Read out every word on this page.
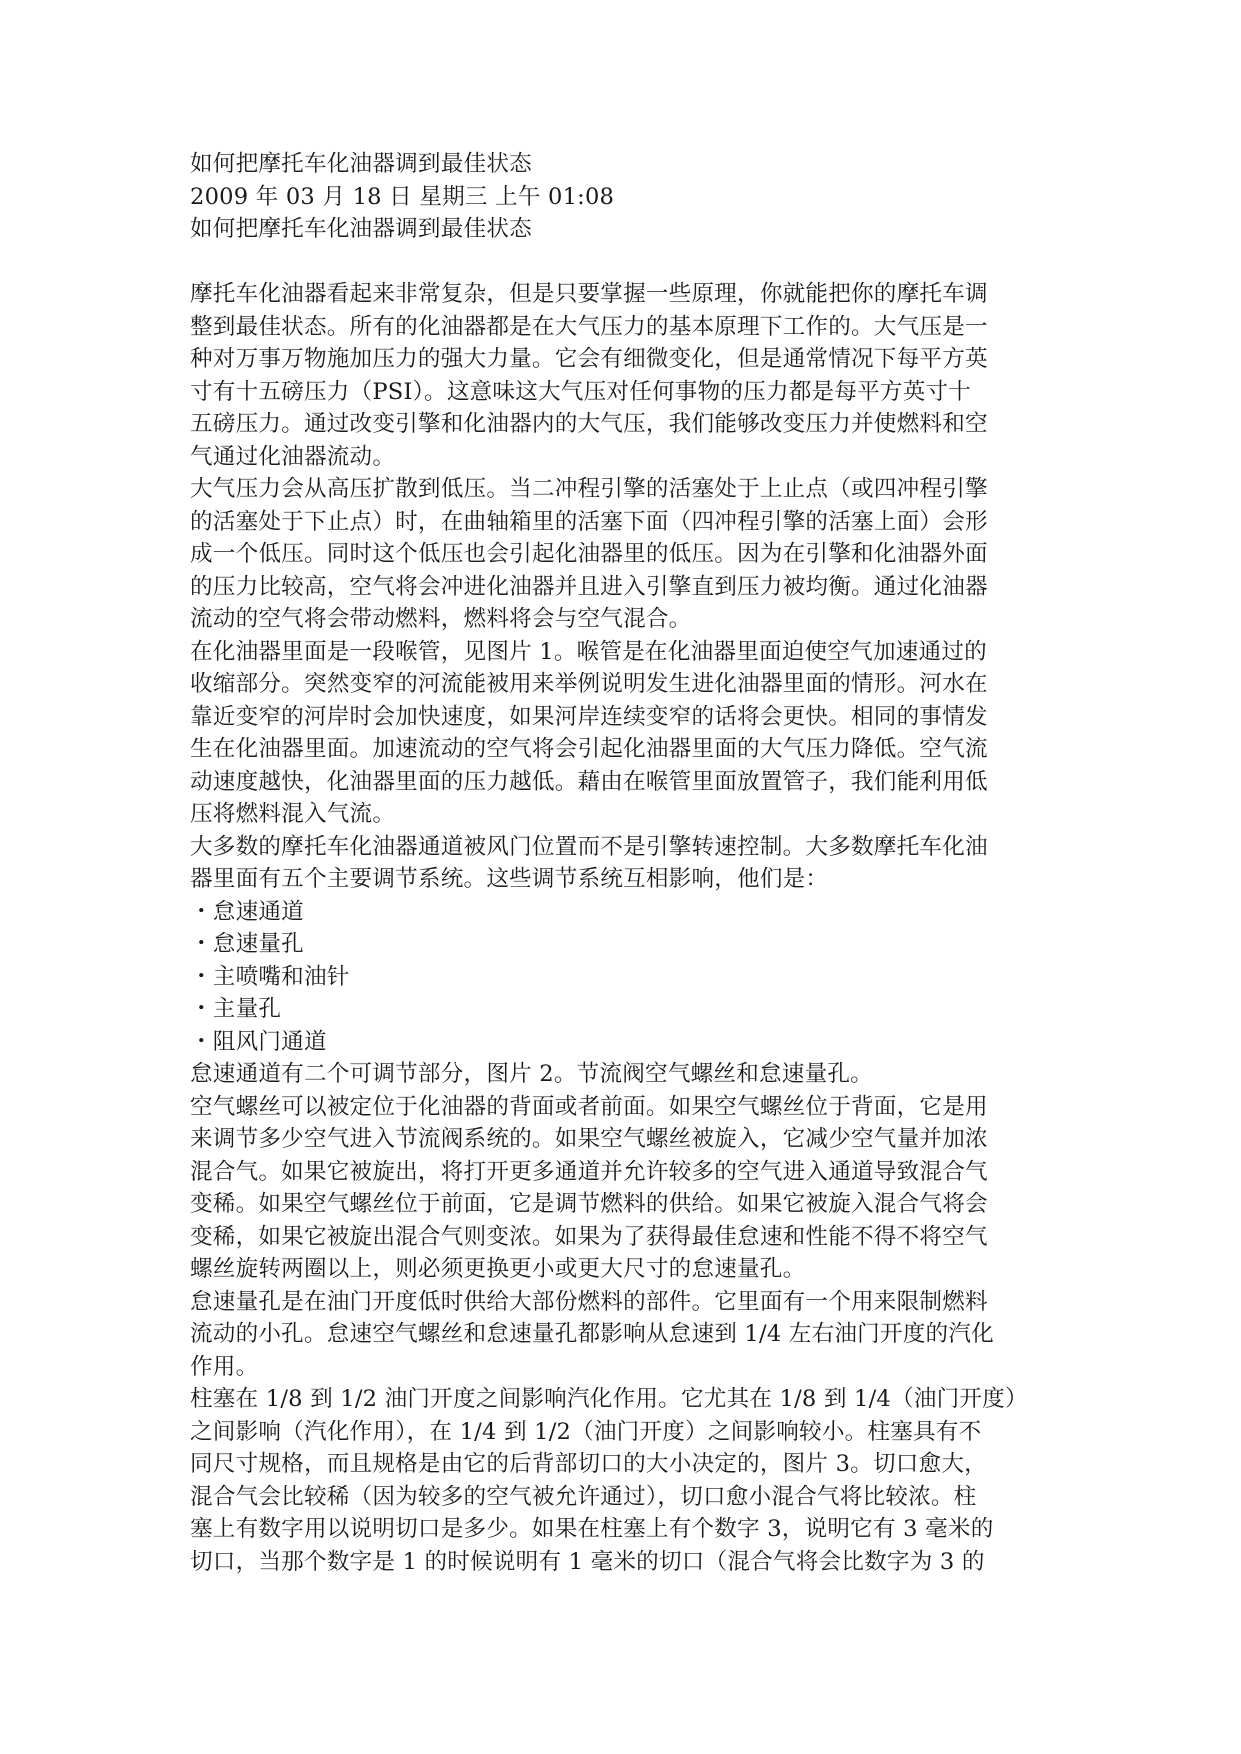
如何把摩托车化油器调到最佳状态
2009 年 03 月 18 日 星期三 上午 01:08
如何把摩托车化油器调到最佳状态

摩托车化油器看起来非常复杂，但是只要掌握一些原理，你就能把你的摩托车调
整到最佳状态。所有的化油器都是在大气压力的基本原理下工作的。大气压是一
种对万事万物施加压力的强大力量。它会有细微变化，但是通常情况下每平方英
寸有十五磅压力（PSI）。这意味这大气压对任何事物的压力都是每平方英寸十
五磅压力。通过改变引擎和化油器内的大气压，我们能够改变压力并使燃料和空
气通过化油器流动。

大气压力会从高压扩散到低压。当二冲程引擎的活塞处于上止点（或四冲程引擎
的活塞处于下止点）时，在曲轴箱里的活塞下面（四冲程引擎的活塞上面）会形
成一个低压。同时这个低压也会引起化油器里的低压。因为在引擎和化油器外面
的压力比较高，空气将会冲进化油器并且进入引擎直到压力被均衡。通过化油器
流动的空气将会带动燃料，燃料将会与空气混合。

在化油器里面是一段喉管，见图片 1。喉管是在化油器里面迫使空气加速通过的
收缩部分。突然变窄的河流能被用来举例说明发生进化油器里面的情形。河水在
靠近变窄的河岸时会加快速度，如果河岸连续变窄的话将会更快。相同的事情发
生在化油器里面。加速流动的空气将会引起化油器里面的大气压力降低。空气流
动速度越快，化油器里面的压力越低。藉由在喉管里面放置管子，我们能利用低
压将燃料混入气流。

大多数的摩托车化油器通道被风门位置而不是引擎转速控制。大多数摩托车化油
器里面有五个主要调节系统。这些调节系统互相影响，他们是：

・怠速通道
・怠速量孔
・主喷嘴和油针
・主量孔
・阻风门通道

怠速通道有二个可调节部分，图片 2。节流阀空气螺丝和怠速量孔。

空气螺丝可以被定位于化油器的背面或者前面。如果空气螺丝位于背面，它是用
来调节多少空气进入节流阀系统的。如果空气螺丝被旋入，它减少空气量并加浓
混合气。如果它被旋出，将打开更多通道并允许较多的空气进入通道导致混合气
变稀。如果空气螺丝位于前面，它是调节燃料的供给。如果它被旋入混合气将会
变稀，如果它被旋出混合气则变浓。如果为了获得最佳怠速和性能不得不将空气
螺丝旋转两圈以上，则必须更换更小或更大尺寸的怠速量孔。

怠速量孔是在油门开度低时供给大部份燃料的部件。它里面有一个用来限制燃料
流动的小孔。怠速空气螺丝和怠速量孔都影响从怠速到 1/4 左右油门开度的汽化
作用。

柱塞在 1/8 到 1/2 油门开度之间影响汽化作用。它尤其在 1/8 到 1/4（油门开度）
之间影响（汽化作用），在 1/4 到 1/2（油门开度）之间影响较小。柱塞具有不
同尺寸规格，而且规格是由它的后背部切口的大小决定的，图片 3。切口愈大，
混合气会比较稀（因为较多的空气被允许通过），切口愈小混合气将比较浓。柱
塞上有数字用以说明切口是多少。如果在柱塞上有个数字 3，说明它有 3 毫米的
切口，当那个数字是 1 的时候说明有 1 毫米的切口（混合气将会比数字为 3 的
